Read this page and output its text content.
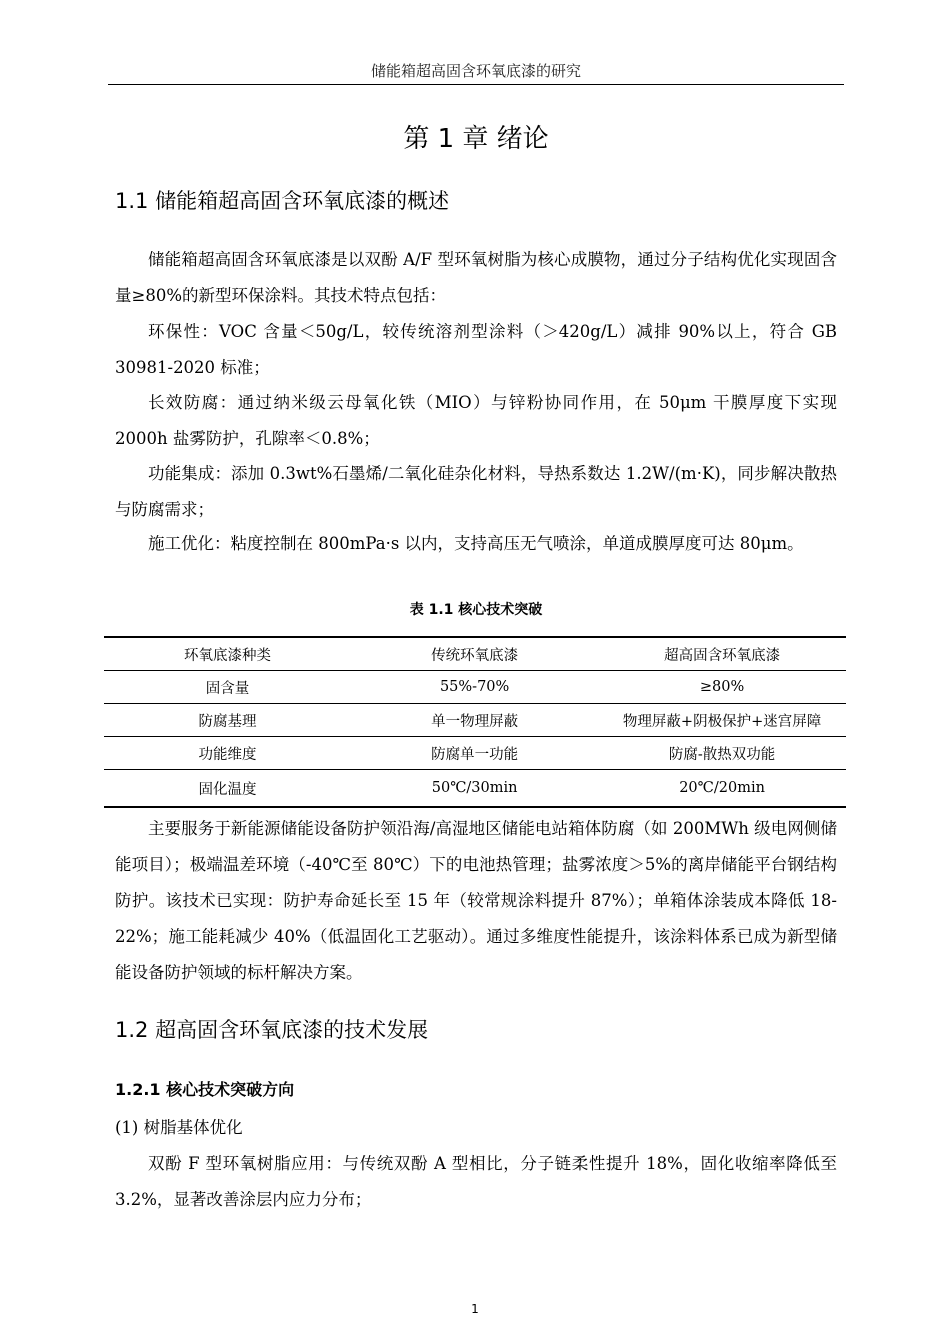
储能箱超高固含环氧底漆的研究
第 1 章 绪论
1.1 储能箱超高固含环氧底漆的概述

储能箱超高固含环氧底漆是以双酚 A/F 型环氧树脂为核心成膜物，通过分子结构优化实现固含量≥80%的新型环保涂料。其技术特点包括：

环保性：VOC 含量＜50g/L，较传统溶剂型涂料（＞420g/L）减排 90%以上，符合 GB 30981-2020 标准；

长效防腐：通过纳米级云母氧化铁（MIO）与锌粉协同作用，在 50μm 干膜厚度下实现 2000h 盐雾防护，孔隙率＜0.8%；

功能集成：添加 0.3wt%石墨烯/二氧化硅杂化材料，导热系数达 1.2W/(m·K)，同步解决散热与防腐需求；

施工优化：粘度控制在 800mPa·s 以内，支持高压无气喷涂，单道成膜厚度可达 80μm。

表 1.1 核心技术突破
环氧底漆种类	传统环氧底漆	超高固含环氧底漆
固含量	55%-70%	≥80%
防腐基理	单一物理屏蔽	物理屏蔽+阴极保护+迷宫屏障
功能维度	防腐单一功能	防腐-散热双功能
固化温度	50℃/30min	20℃/20min

主要服务于新能源储能设备防护领沿海/高湿地区储能电站箱体防腐（如 200MWh 级电网侧储能项目）；极端温差环境（-40℃至 80℃）下的电池热管理；盐雾浓度＞5%的离岸储能平台钢结构防护。该技术已实现：防护寿命延长至 15 年（较常规涂料提升 87%）；单箱体涂装成本降低 18-22%；施工能耗减少 40%（低温固化工艺驱动）。通过多维度性能提升，该涂料体系已成为新型储能设备防护领域的标杆解决方案。

1.2 超高固含环氧底漆的技术发展
1.2.1 核心技术突破方向

(1) 树脂基体优化

双酚 F 型环氧树脂应用：与传统双酚 A 型相比，分子链柔性提升 18%，固化收缩率降低至 3.2%，显著改善涂层内应力分布；

1
